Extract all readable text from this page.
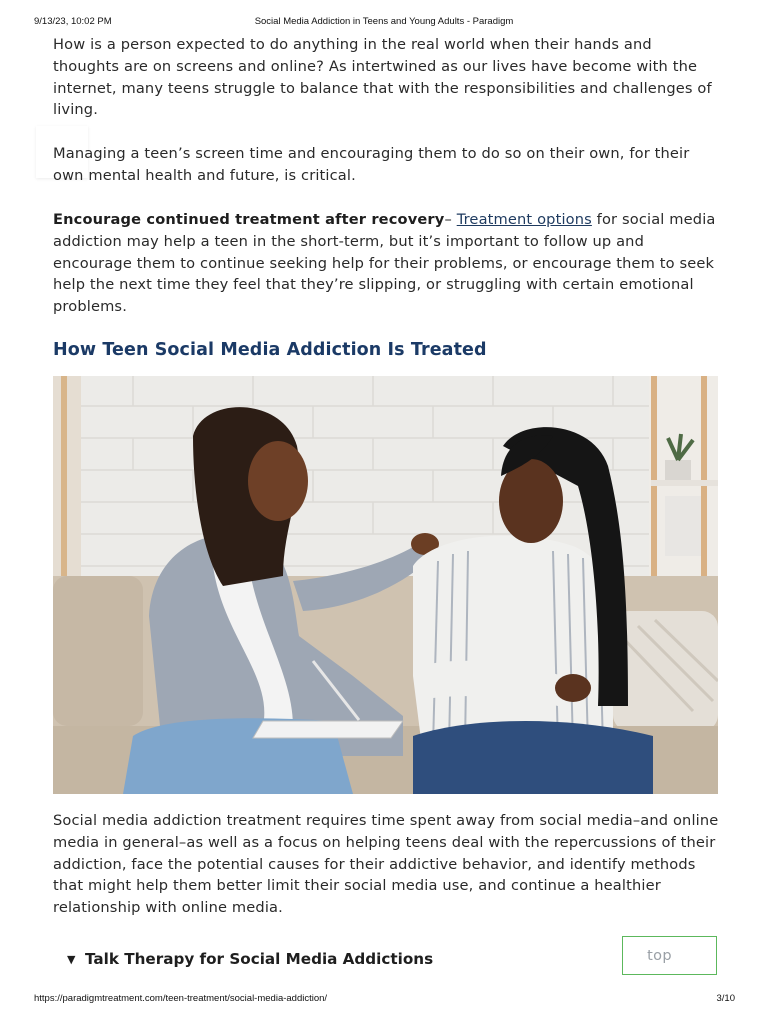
9/13/23, 10:02 PM	Social Media Addiction in Teens and Young Adults - Paradigm

How is a person expected to do anything in the real world when their hands and thoughts are on screens and online? As intertwined as our lives have become with the internet, many teens struggle to balance that with the responsibilities and challenges of living.

Managing a teen’s screen time and encouraging them to do so on their own, for their own mental health and future, is critical.

Encourage continued treatment after recovery– Treatment options for social media addiction may help a teen in the short-term, but it’s important to follow up and encourage them to continue seeking help for their problems, or encourage them to seek help the next time they feel that they’re slipping, or struggling with certain emotional problems.

How Teen Social Media Addiction Is Treated

Social media addiction treatment requires time spent away from social media–and online media in general–as well as a focus on helping teens deal with the repercussions of their addiction, face the potential causes for their addictive behavior, and identify methods that might help them better limit their social media use, and continue a healthier relationship with online media.

▼ Talk Therapy for Social Media Addictions	top
https://paradigmtreatment.com/teen-treatment/social-media-addiction/	3/10
